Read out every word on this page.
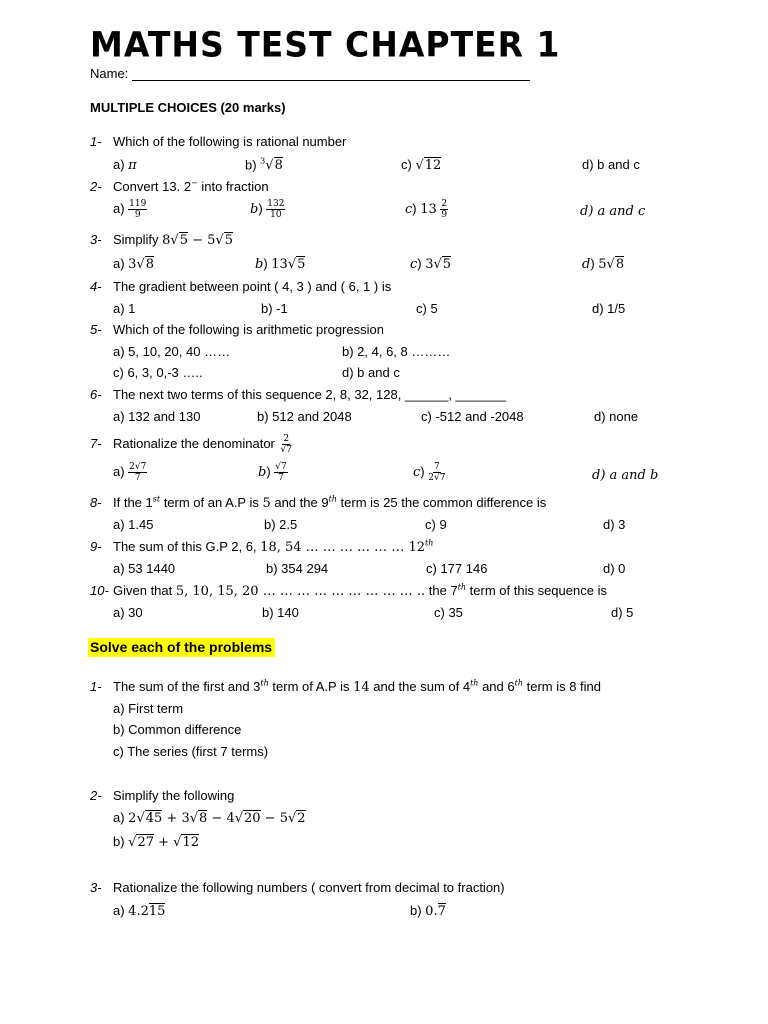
MATHS TEST CHAPTER 1
Name:
MULTIPLE CHOICES (20 marks)
1- Which of the following is rational number
a) π	b) $^3$√8	c) √12	d) b and c
2- Convert 13. 2− into fraction
$a) \frac{119}{9}$	$b) \frac{132}{10}$	c) $13 \frac{2}{9}$	d) a and c
3- Simplify 8√5 − 5√5
a) 3√8	b) 13√5	c) 3√5	d) 5√8
4- The gradient between point ( 4, 3 ) and ( 6, 1 ) is
a) 1	b) -1	c) 5	d) 1/5
5- Which of the following is arithmetic progression
a) 5, 10, 20, 40 ……	b) 2, 4, 6, 8 ………
c) 6, 3, 0,-3 …..	d) b and c
6- The next two terms of this sequence 2, 8, 32, 128, ______, _______
a) 132 and 130	b) 512 and 2048	c) -512 and -2048	d) none
7- Rationalize the denominator $\frac{2}{√7}$
$a) \frac{2√7}{7}$	$b) \frac{√7}{7}$	$c) \frac{7}{2√7}$	d) a and b
8- If the 1st term of an A.P is 5 and the 9th term is 25 the common difference is
a) 1.45	b) 2.5	c) 9	d) 3
9- The sum of this G.P 2, 6, 18, 54 … … … … … … 12th
a) 53 1440	b) 354 294	c) 177 146	d) 0
10- Given that 5, 10, 15, 20 … … … … … … … … … .. the 7th term of this sequence is
a) 30	b) 140	c) 35	d) 5
Solve each of the problems
1- The sum of the first and 3th term of A.P is 14 and the sum of 4th and 6th term is 8 find
a) First term
b) Common difference
c) The series (first 7 terms)
2- Simplify the following
a) 2√45 + 3√8 − 4√20 − 5√2
b) √27 + √12
3- Rationalize the following numbers ( convert from decimal to fraction)
a) 4.215	b) 0.7
